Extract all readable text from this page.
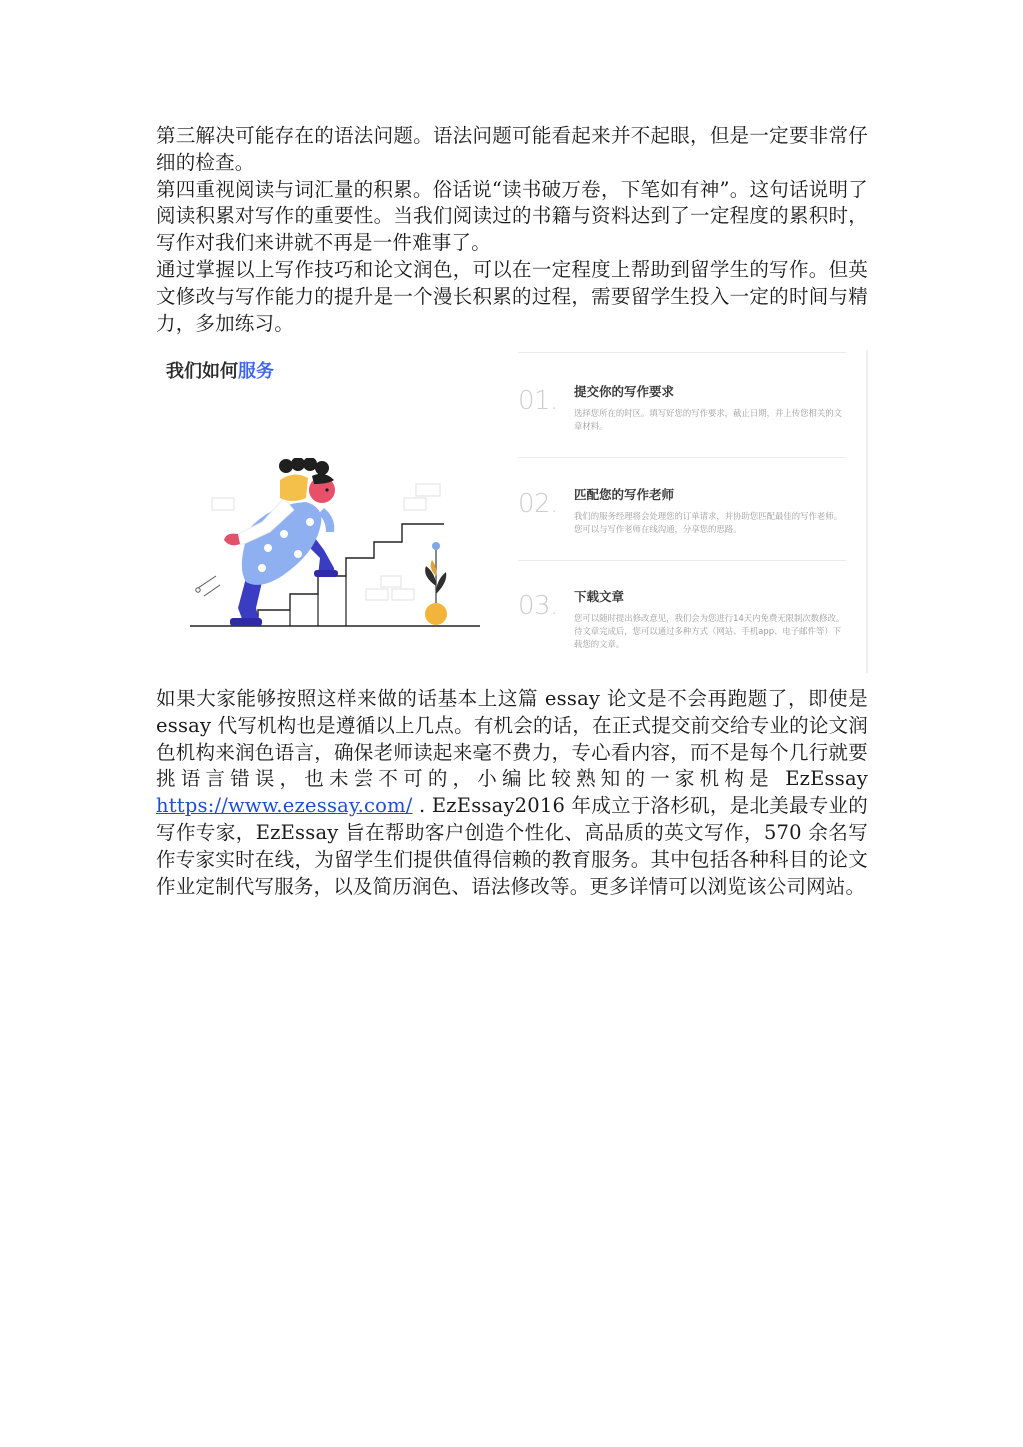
第三解决可能存在的语法问题。语法问题可能看起来并不起眼，但是一定要非常仔细的检查。

第四重视阅读与词汇量的积累。俗话说“读书破万卷，下笔如有神”。这句话说明了阅读积累对写作的重要性。当我们阅读过的书籍与资料达到了一定程度的累积时，写作对我们来讲就不再是一件难事了。

通过掌握以上写作技巧和论文润色，可以在一定程度上帮助到留学生的写作。但英文修改与写作能力的提升是一个漫长积累的过程，需要留学生投入一定的时间与精力，多加练习。

我们如何服务
01. 提交你的写作要求
选择您所在的时区。填写好您的写作要求，截止日期，并上传您相关的文章材料。
02. 匹配您的写作老师
我们的服务经理将会处理您的订单请求，并协助您匹配最佳的写作老师。 您可以与写作老师在线沟通，分享您的思路。
03. 下载文章
您可以随时提出修改意见，我们会为您进行14天内免费无限制次数修改。待文章完成后，您可以通过多种方式（网站、手机app、电子邮件等）下载您的文章。

如果大家能够按照这样来做的话基本上这篇 essay 论文是不会再跑题了，即使是 essay 代写机构也是遵循以上几点。有机会的话，在正式提交前交给专业的论文润色机构来润色语言，确保老师读起来毫不费力，专心看内容，而不是每个几行就要挑语言错误，也未尝不可的，小编比较熟知的一家机构是 EzEssay https://www.ezessay.com/ . EzEssay2016 年成立于洛杉矶，是北美最专业的写作专家，EzEssay 旨在帮助客户创造个性化、高品质的英文写作，570 余名写作专家实时在线，为留学生们提供值得信赖的教育服务。其中包括各种科目的论文作业定制代写服务，以及简历润色、语法修改等。更多详情可以浏览该公司网站。
